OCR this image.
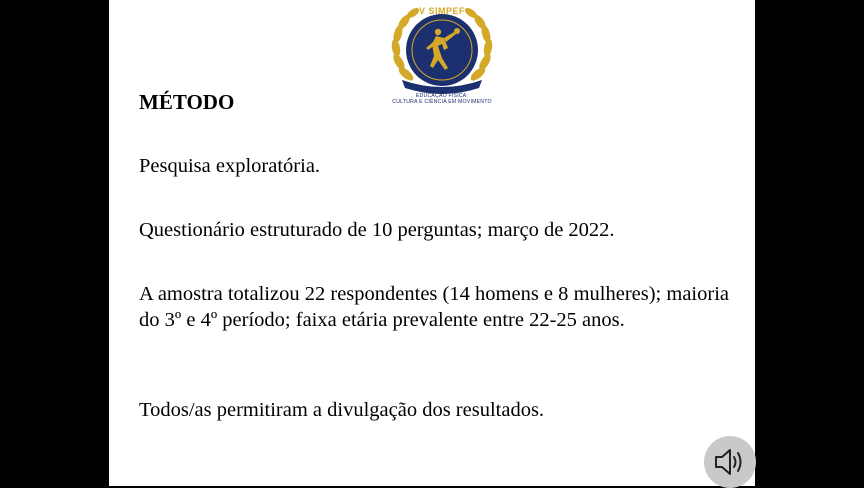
V SIMPEF
EDUCAÇÃO FÍSICA:
CULTURA E CIÊNCIA EM MOVIMENTO
MÉTODO
Pesquisa exploratória.
Questionário estruturado de 10 perguntas; março de 2022.
A amostra totalizou 22 respondentes (14 homens e 8 mulheres); maioria do 3º e 4º período; faixa etária prevalente entre 22-25 anos.
Todos/as permitiram a divulgação dos resultados.
